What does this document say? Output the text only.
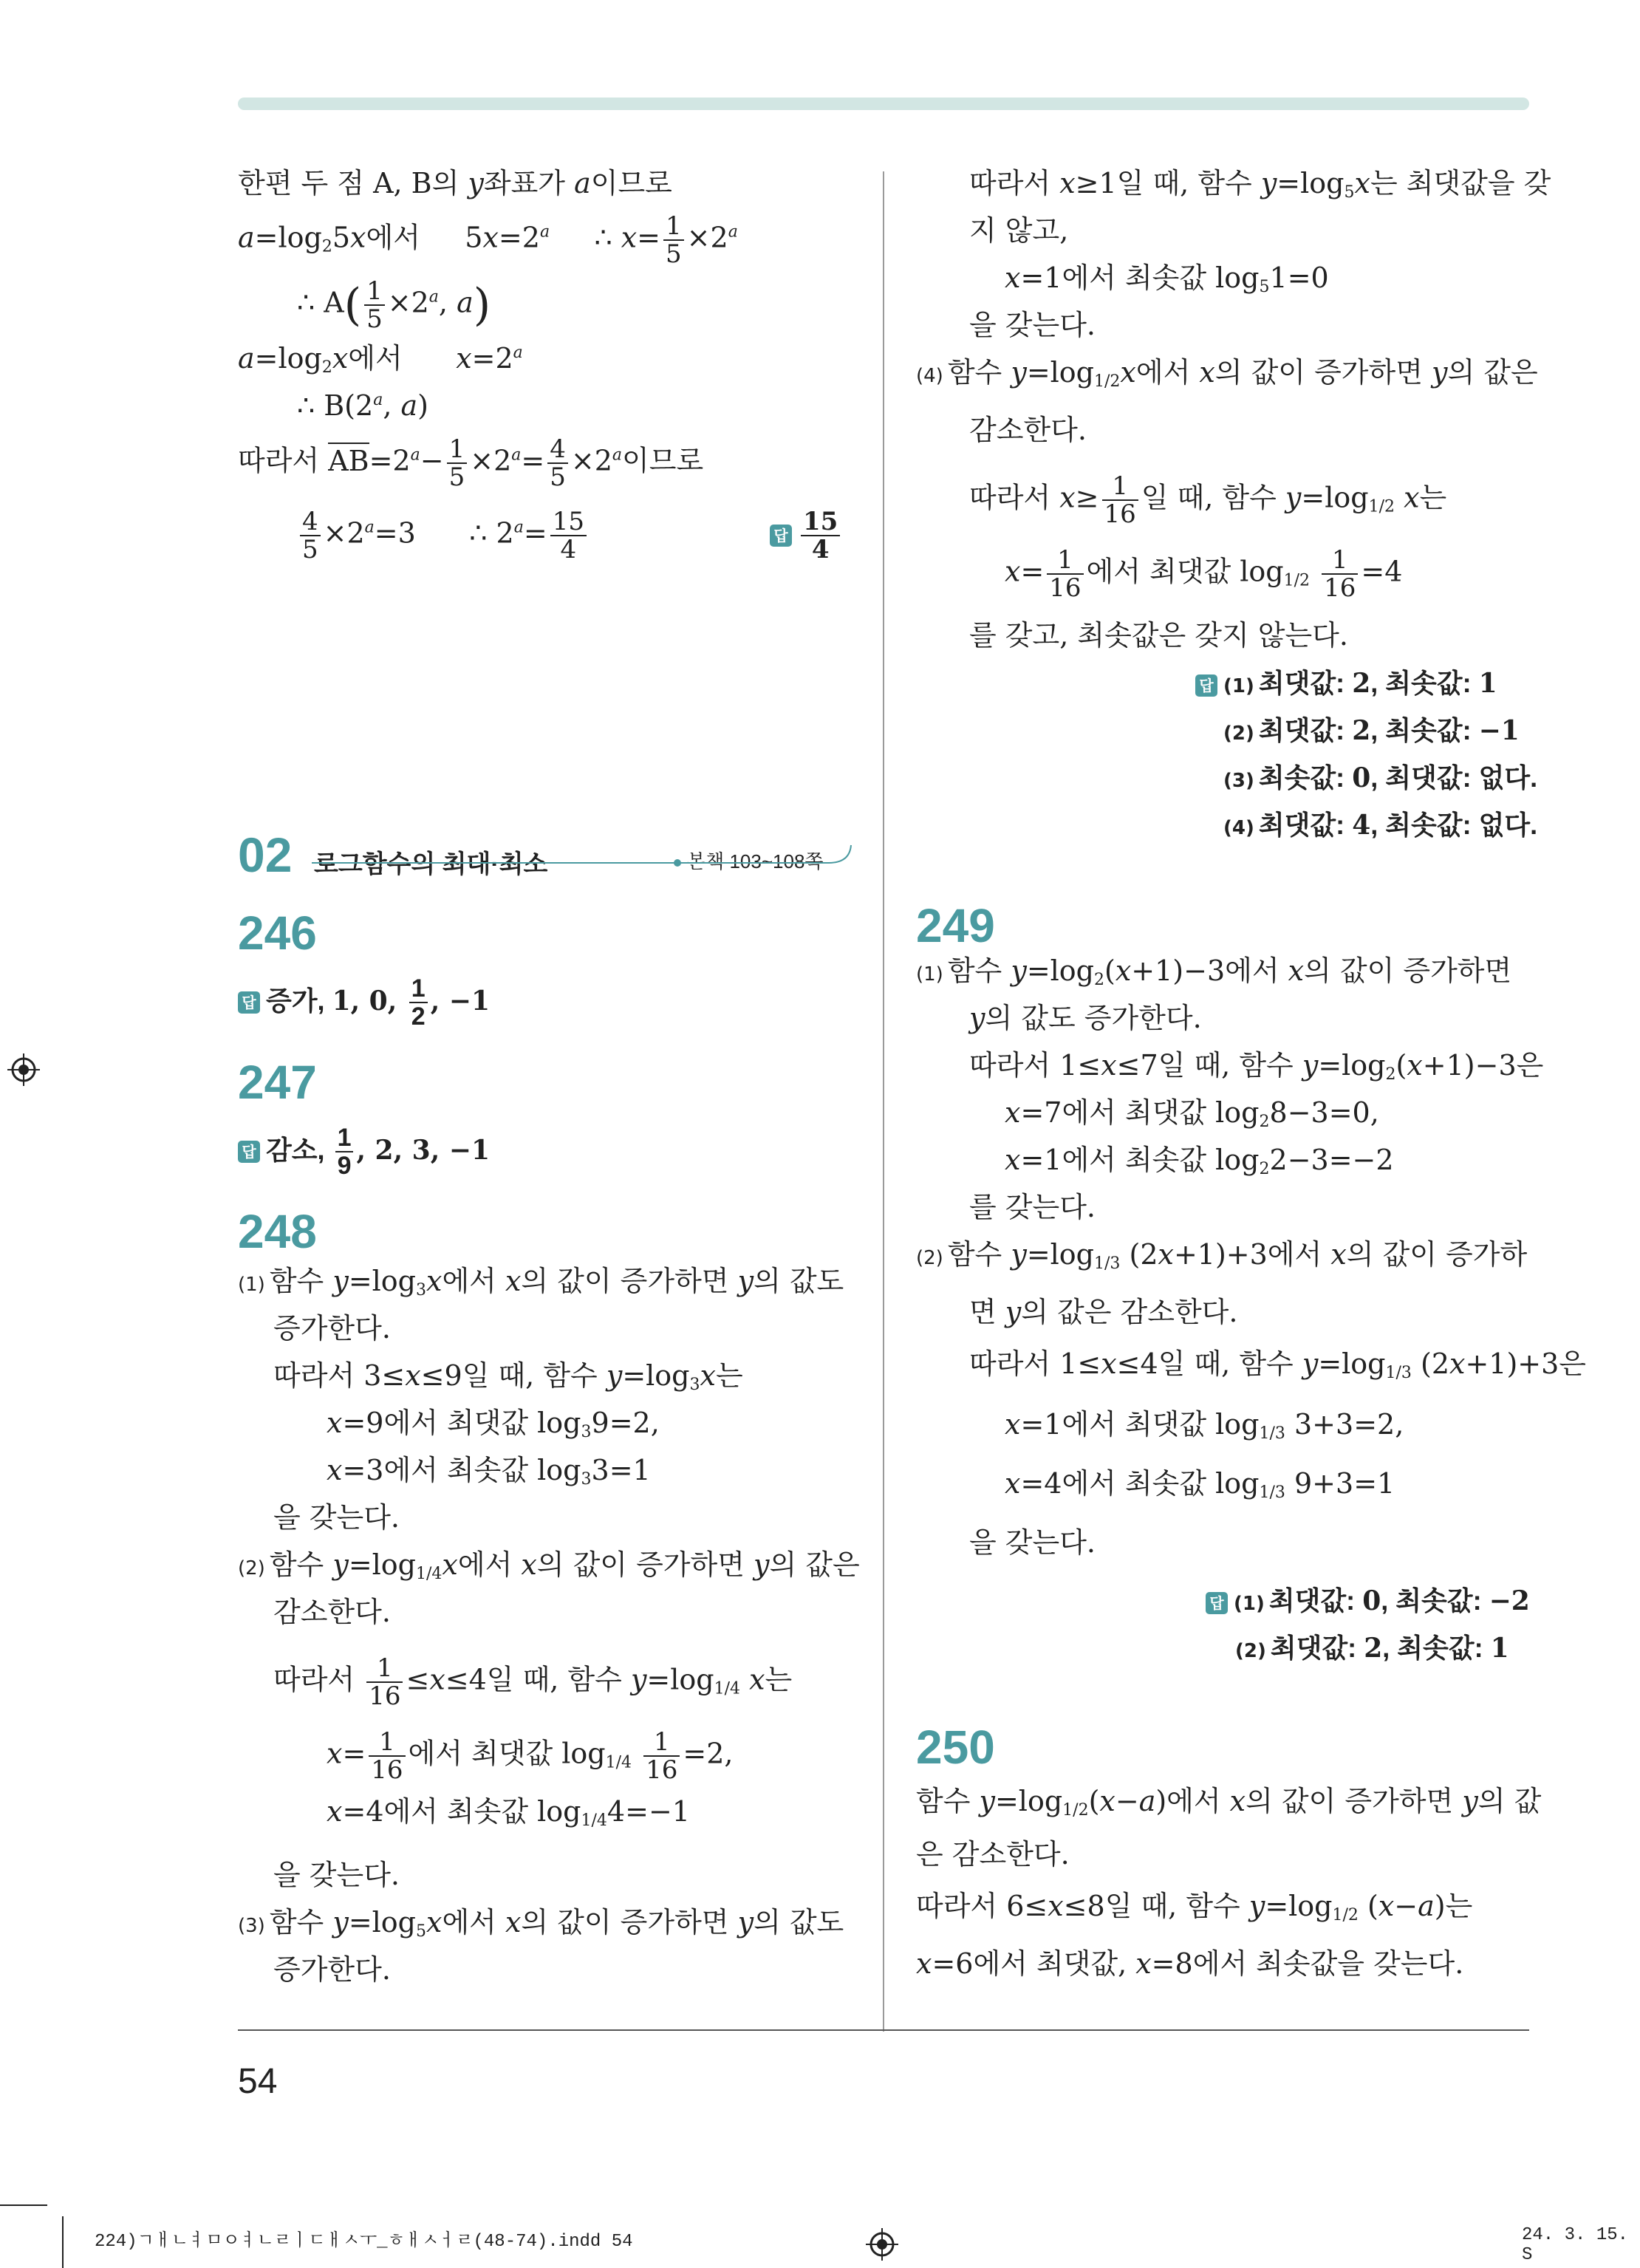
한편 두 점 A, B의 y좌표가 a이므로
$a=\log_25x$에서     $5x=2^a$     ∴ $x= \frac{1}{5} \times 2^a$
∴ $A( \frac{1}{5} \times 2^a$, a)
$a=\log_2x$에서      $x=2^a$
∴ B(2$^a$, a)
따라서 $AB=2^a- \frac{1}{5} \times 2^a= \frac{4}{5} \times 2^a$이므로
$\frac{4}{5} \times 2^a=3$      ∴ $2^a= \frac{15}{4}$	답 $\frac{15}{4}$
02 로그함수의 최대·최소	본책 103~108쪽
246
답 증가, 1, 0, $\frac{1}{2}$ , −1
247
답 감소, $\frac{1}{9}$ , 2, 3, −1
248
(1) 함수 $y=\log_3x$에서 x의 값이 증가하면 y의 값도
증가한다.
따라서 3≤x≤9일 때, 함수 $y=\log_3x$는
x=9에서 최댓값 $\log_39=2$,
x=3에서 최솟값 $\log_33=1$
을 갖는다.
(2) 함수 $y=\log_{1/4}x$에서 x의 값이 증가하면 y의 값은
감소한다.
따라서 $\frac{1}{16} \le x\le 4$일 때, 함수 $y=\log_{1/4}$ x는
$x= \frac{1}{16}$ 에서 최댓값 $\log_{1/4} \frac{1}{16} =2$,
x=4에서 최솟값 $\log_{1/4}4=-1$
을 갖는다.
(3) 함수 $y=\log_5x$에서 x의 값이 증가하면 y의 값도
증가한다.
따라서 x≥1일 때, 함수 $y=\log_5x$는 최댓값을 갖
지 않고,
x=1에서 최솟값 $\log_51=0$
을 갖는다.
(4) 함수 $y=\log_{1/2}x$에서 x의 값이 증가하면 y의 값은
감소한다.
따라서 $x\ge \frac{1}{16}$ 일 때, 함수 $y=\log_{1/2}$ x는
$x= \frac{1}{16}$ 에서 최댓값 $\log_{1/2} \frac{1}{16} =4$
를 갖고, 최솟값은 갖지 않는다.
답 (1) 최댓값: 2, 최솟값: 1
(2) 최댓값: 2, 최솟값: −1
(3) 최솟값: 0, 최댓값: 없다.
(4) 최댓값: 4, 최솟값: 없다.
249
(1) 함수 $y=\log_2(x+1)-3$에서 x의 값이 증가하면
y의 값도 증가한다.
따라서 1≤x≤7일 때, 함수 $y=\log_2(x+1)-3$은
x=7에서 최댓값 $\log_28-3=0$,
x=1에서 최솟값 $\log_22-3=-2$
를 갖는다.
(2) 함수 $y=\log_{1/3}$ (2x+1)+3에서 x의 값이 증가하
면 y의 값은 감소한다.
따라서 1≤x≤4일 때, 함수 $y=\log_{1/3}$ (2x+1)+3은
x=1에서 최댓값 $\log_{1/3} 3+3=2$,
x=4에서 최솟값 $\log_{1/3} 9+3=1$
을 갖는다.
답 (1) 최댓값: 0, 최솟값: −2
(2) 최댓값: 2, 최솟값: 1
250
함수 $y=\log_{1/2}(x-a)$에서 x의 값이 증가하면 y의 값
은 감소한다.
따라서 6≤x≤8일 때, 함수 $y=\log_{1/2}$ (x−a)는
x=6에서 최댓값, x=8에서 최솟값을 갖는다.
54
224)ㄱㅐㄴㅕㅁㅇㅕㄴㄹㅣㄷㅐㅅㅜ_ㅎㅐㅅㅓㄹ(48-74).indd 54	24. 3. 15. S
